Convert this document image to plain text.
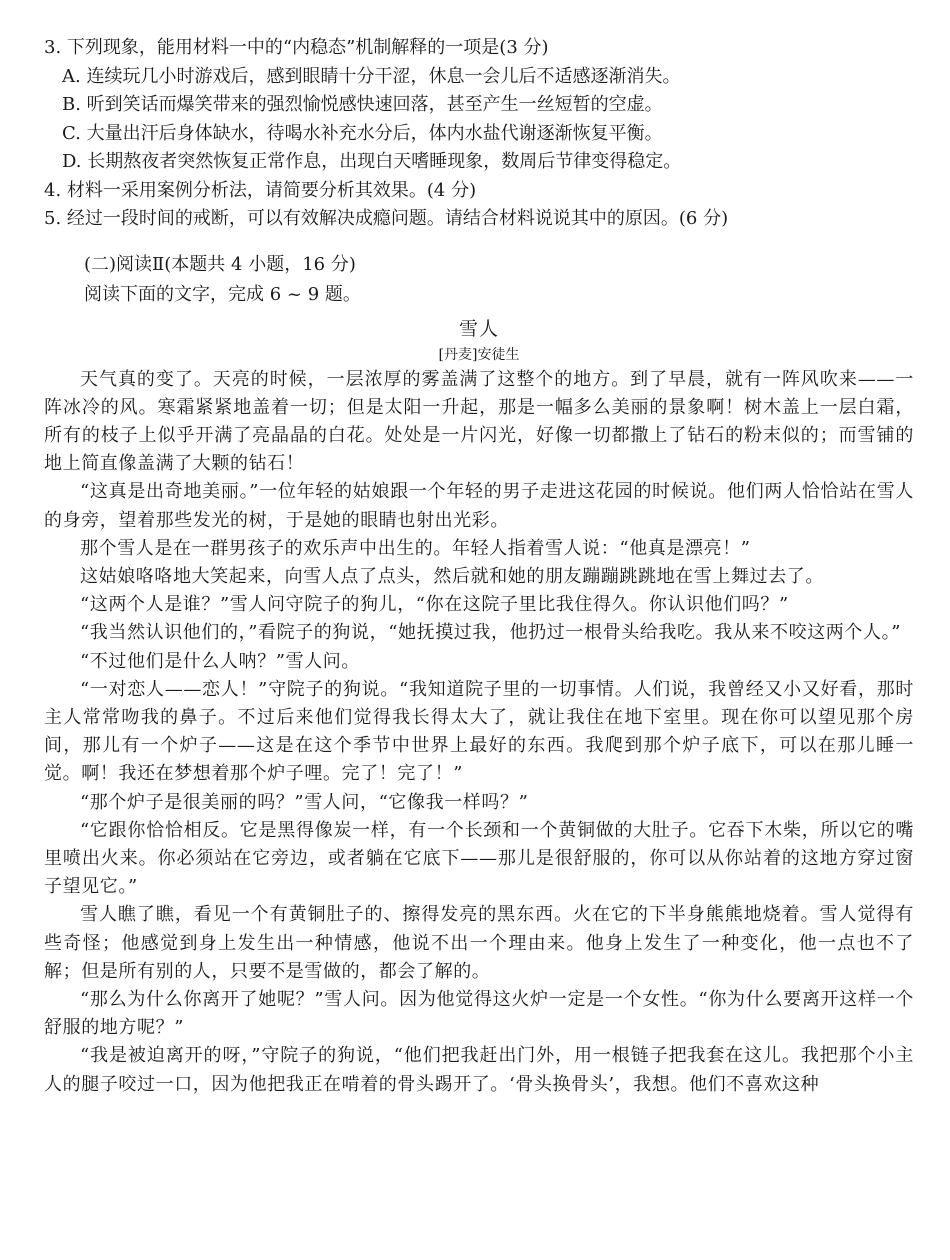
3. 下列现象，能用材料一中的“内稳态”机制解释的一项是(3 分)
A. 连续玩几小时游戏后，感到眼睛十分干涩，休息一会儿后不适感逐渐消失。
B. 听到笑话而爆笑带来的强烈愉悦感快速回落，甚至产生一丝短暂的空虚。
C. 大量出汗后身体缺水，待喝水补充水分后，体内水盐代谢逐渐恢复平衡。
D. 长期熬夜者突然恢复正常作息，出现白天嗜睡现象，数周后节律变得稳定。
4. 材料一采用案例分析法，请简要分析其效果。(4 分)
5. 经过一段时间的戒断，可以有效解决成瘾问题。请结合材料说说其中的原因。(6 分)
(二)阅读Ⅱ(本题共 4 小题，16 分)
阅读下面的文字，完成 6 ~ 9 题。
雪人
[丹麦]安徒生

天气真的变了。天亮的时候，一层浓厚的雾盖满了这整个的地方。到了早晨，就有一阵风吹来——一阵冰冷的风。寒霜紧紧地盖着一切；但是太阳一升起，那是一幅多么美丽的景象啊！树木盖上一层白霜，所有的枝子上似乎开满了亮晶晶的白花。处处是一片闪光，好像一切都撒上了钻石的粉末似的；而雪铺的地上简直像盖满了大颗的钻石！

“这真是出奇地美丽。”一位年轻的姑娘跟一个年轻的男子走进这花园的时候说。他们两人恰恰站在雪人的身旁，望着那些发光的树，于是她的眼睛也射出光彩。

那个雪人是在一群男孩子的欢乐声中出生的。年轻人指着雪人说：“他真是漂亮！”

这姑娘咯咯地大笑起来，向雪人点了点头，然后就和她的朋友蹦蹦跳跳地在雪上舞过去了。

“这两个人是谁？”雪人问守院子的狗儿，“你在这院子里比我住得久。你认识他们吗？”

“我当然认识他们的，”看院子的狗说，“她抚摸过我，他扔过一根骨头给我吃。我从来不咬这两个人。”

“不过他们是什么人呐？”雪人问。

“一对恋人——恋人！”守院子的狗说。“我知道院子里的一切事情。人们说，我曾经又小又好看，那时主人常常吻我的鼻子。不过后来他们觉得我长得太大了，就让我住在地下室里。现在你可以望见那个房间，那儿有一个炉子——这是在这个季节中世界上最好的东西。我爬到那个炉子底下，可以在那儿睡一觉。啊！我还在梦想着那个炉子哩。完了！完了！”

“那个炉子是很美丽的吗？”雪人问，“它像我一样吗？”

“它跟你恰恰相反。它是黑得像炭一样，有一个长颈和一个黄铜做的大肚子。它吞下木柴，所以它的嘴里喷出火来。你必须站在它旁边，或者躺在它底下——那儿是很舒服的，你可以从你站着的这地方穿过窗子望见它。”

雪人瞧了瞧，看见一个有黄铜肚子的、擦得发亮的黑东西。火在它的下半身熊熊地烧着。雪人觉得有些奇怪；他感觉到身上发生出一种情感，他说不出一个理由来。他身上发生了一种变化，他一点也不了解；但是所有别的人，只要不是雪做的，都会了解的。

“那么为什么你离开了她呢？”雪人问。因为他觉得这火炉一定是一个女性。“你为什么要离开这样一个舒服的地方呢？”

“我是被迫离开的呀，”守院子的狗说，“他们把我赶出门外，用一根链子把我套在这儿。我把那个小主人的腿子咬过一口，因为他把我正在啃着的骨头踢开了。‘骨头换骨头’，我想。他们不喜欢这种
